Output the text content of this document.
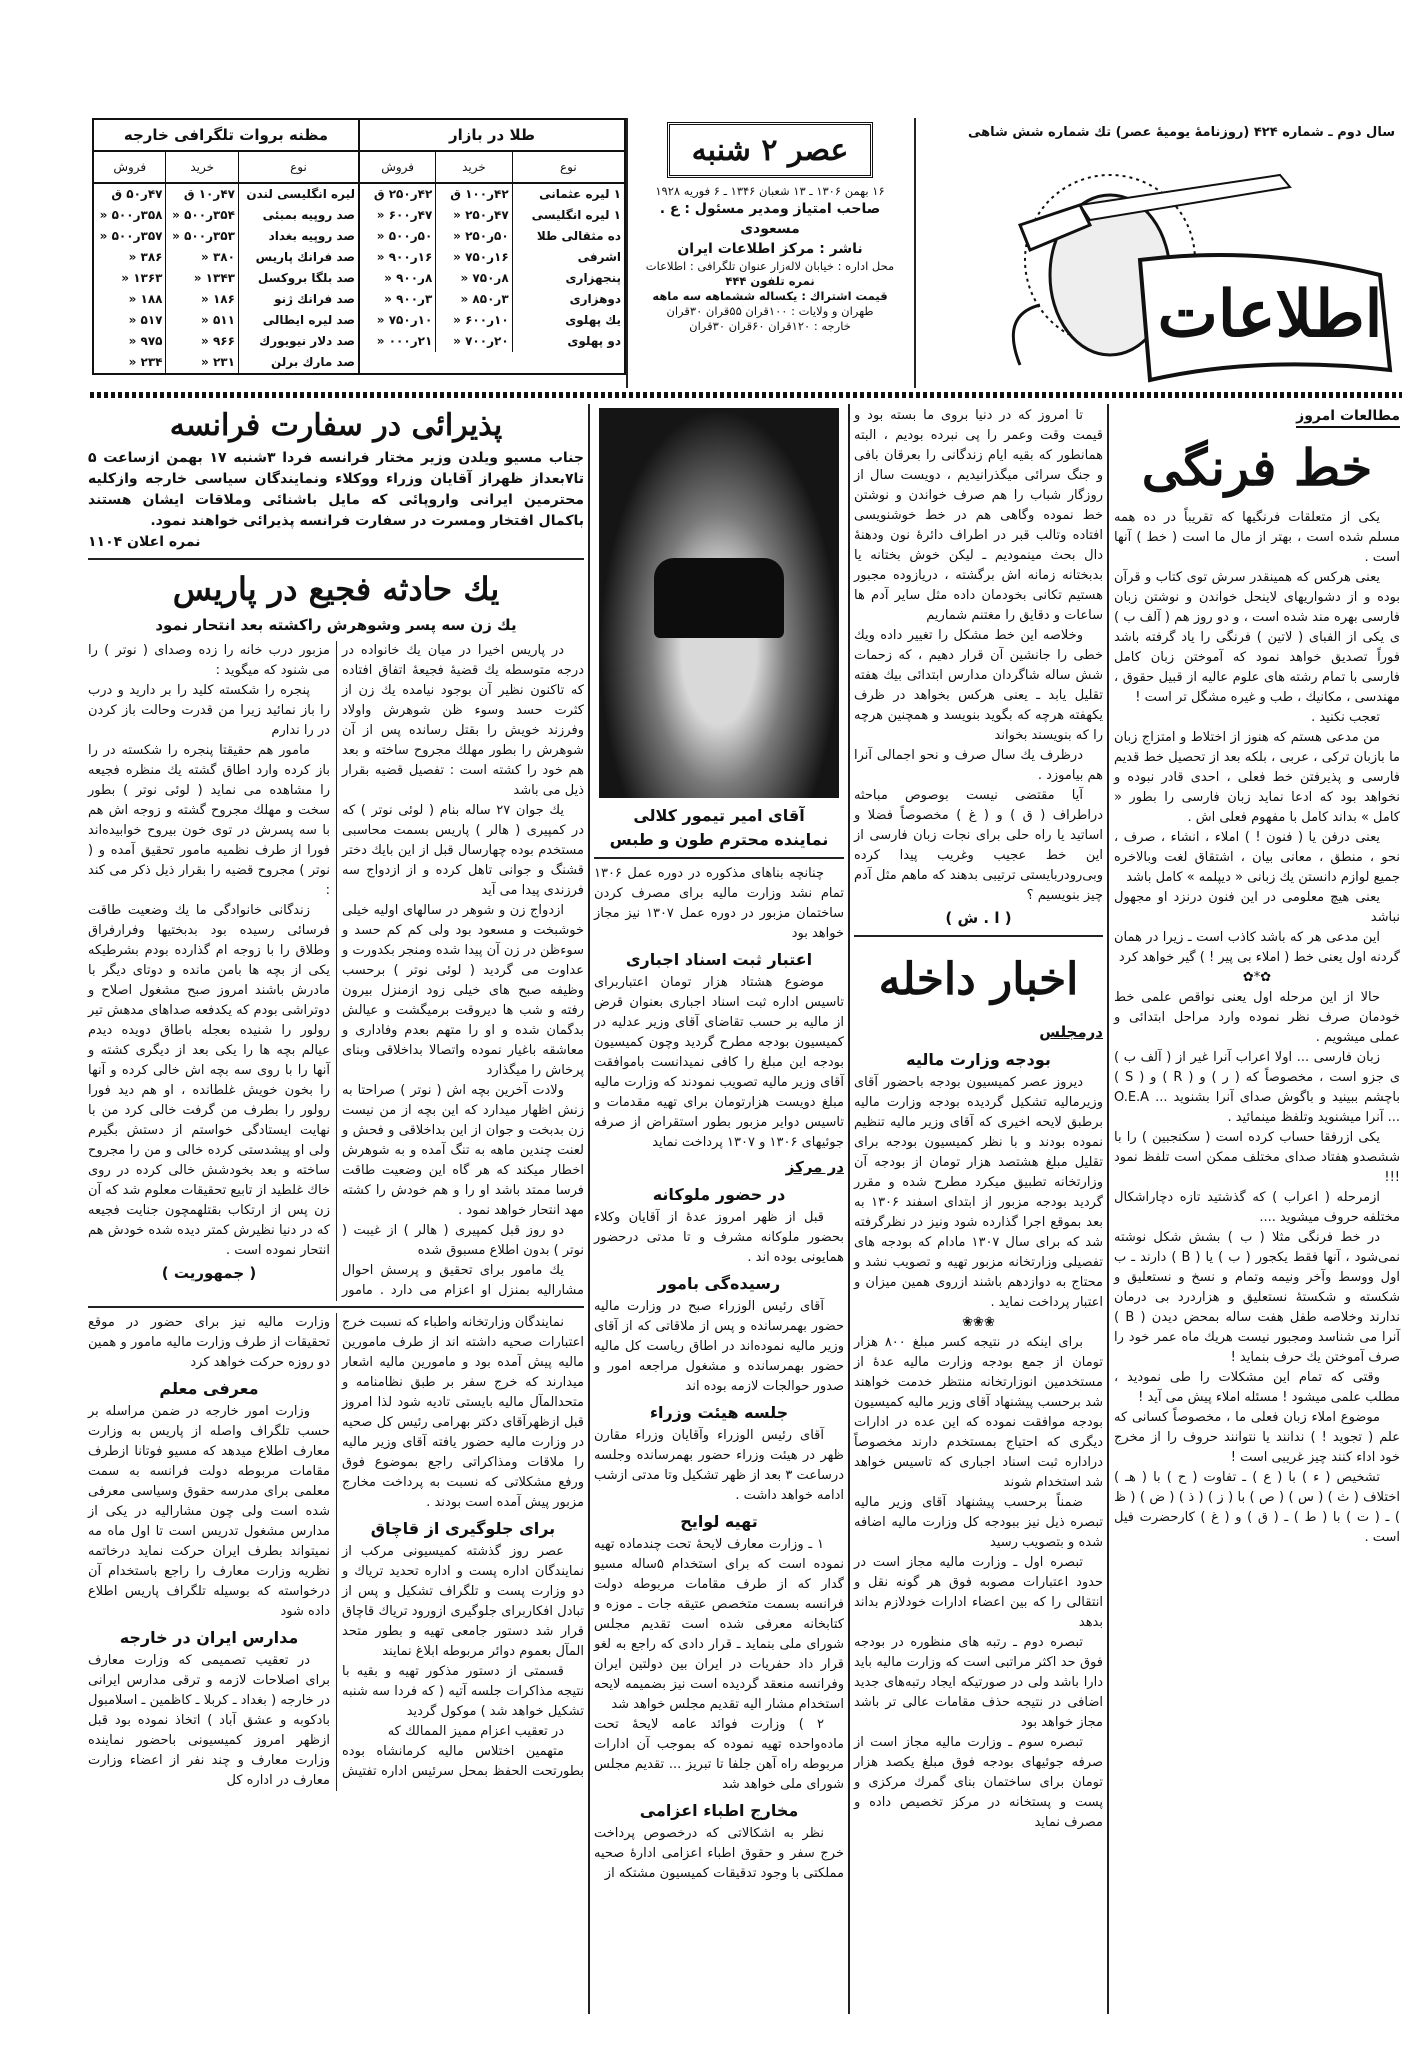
سال دوم ـ شماره ۴۲۴ (روزنامهٔ یومیهٔ عصر) تك شماره شش شاهی
اطلاعات
عصر ۲ شنبه
۱۶ بهمن ۱۳۰۶ ـ ۱۳ شعبان ۱۳۴۶ ـ ۶ فوریه ۱۹۲۸
صاحب امتیاز ومدیر مسئول : ع . مسعودی
ناشر : مرکز اطلاعات ایران
محل اداره : خیابان لاله‌زار عنوان تلگرافی : اطلاعات
نمره تلفون ۴۴۴
قیمت اشتراك : یکساله ششماهه سه ماهه
طهران و ولایات : ۱۰۰قران ۵۵قران ۳۰قران
خارجه : ۱۲۰قران ۶۰قران ۳۰قران
طلا در بازار
نوع	خرید	فروش
۱ لیره عثمانی	۴۲ر۱۰۰ ق	۴۲ر۲۵۰ ق
۱ لیره انگلیسی	۴۷ر۲۵۰ «	۴۷ر۶۰۰ «
ده مثقالی طلا	۵۰ر۲۵۰ «	۵۰ر۵۰۰ «
اشرفی	۱۶ر۷۵۰ «	۱۶ر۹۰۰ «
پنجهزاری	۸ر۷۵۰ «	۸ر۹۰۰ «
دوهزاری	۳ر۸۵۰ «	۳ر۹۰۰ «
یك پهلوی	۱۰ر۶۰۰ «	۱۰ر۷۵۰ «
دو پهلوی	۲۰ر۷۰۰ «	۲۱ر۰۰۰ «
مظنه بروات تلگرافی خارجه
نوع	خرید	فروش
لیره انگلیسی لندن	۴۷ر۱۰ ق	۴۷ر۵۰ ق
صد روپیه بمبئی	۳۵۴ر۵۰۰ «	۳۵۸ر۵۰۰ «
صد روپیه بغداد	۳۵۳ر۵۰۰ «	۳۵۷ر۵۰۰ «
صد فرانك پاریس	۳۸۰ «	۳۸۶ «
صد بلگا بروکسل	۱۳۴۳ «	۱۳۶۳ «
صد فرانك ژنو	۱۸۶ «	۱۸۸ «
صد لیره ایطالی	۵۱۱ «	۵۱۷ «
صد دلار نیویورك	۹۶۶ «	۹۷۵ «
صد مارك برلن	۲۳۱ «	۲۳۴ «
مطالعات امروز
خط فرنگی

یکی از متعلقات فرنگیها که تقریباً در ده همه مسلم شده است ، بهتر از مال ما است ( خط ) آنها است .

یعنی هرکس که همینقدر سرش توی کتاب و قرآن بوده و از دشواریهای لاینحل خواندن و نوشتن زبان فارسی بهره مند شده است ، و دو روز هم ( آلف ب ) ی یکی از الفبای ( لاتین ) فرنگی را یاد گرفته باشد فوراً تصدیق خواهد نمود که آموختن زبان کامل فارسی با تمام رشته های علوم عالیه از قبیل حقوق ، مهندسی ، مکانیك ، طب و غیره مشگل تر است !

تعجب نکنید .

من مدعی هستم که هنوز از اختلاط و امتزاج زبان ما بازبان ترکی ، عربی ، بلکه بعد از تحصیل خط قدیم فارسی و پذیرفتن خط فعلی ، احدی قادر نبوده و نخواهد بود که ادعا نماید زبان فارسی را بطور « کامل » بداند کامل با مفهوم فعلی اش .

یعنی درفن یا ( فنون ! ) املاء ، انشاء ، صرف ، نحو ، منطق ، معانی بیان ، اشتقاق لغت وبالاخره جمیع لوازم دانستن یك زبانی « دیپلمه » کامل باشد

یعنی هیچ معلومی در این فنون درنزد او مجهول نباشد

این مدعی هر که باشد کاذب است ـ زیرا در همان گردنه اول یعنی خط ( املاء بی پیر ! ) گیر خواهد کرد

✿*✿

حالا از این مرحله اول یعنی نواقص علمی خط خودمان صرف نظر نموده وارد مراحل ابتدائی و عملی میشویم .

زبان فارسی ... اولا اعراب آنرا غیر از ( آلف ب ) ی جزو است ، مخصوصاً که ( ر ) و ( R ) و ( S ) باچشم ببینید و باگوش صدای آنرا بشنوید ... O.E.A ... آنرا میشنوید وتلفظ مینمائید .

یکی ازرفقا حساب کرده است ( سکنجبین ) را با ششصدو هفتاد صدای مختلف ممکن است تلفظ نمود !!!

ازمرحله ( اعراب ) که گذشتید تازه دچاراشکال مختلفه حروف میشوید ....

در خط فرنگی مثلا ( ب ) بشش شکل نوشته نمی‌شود ، آنها فقط یکجور ( ب ) یا ( B ) دارند ـ ب اول ووسط وآخر ونیمه وتمام و نسخ و نستعلیق و شکسته و شکستهٔ نستعلیق و هزاردرد بی درمان ندارند وخلاصه طفل هفت ساله بمحض دیدن ( B ) آنرا می شناسد ومجبور نیست هریك ماه عمر خود را صرف آموختن یك حرف بنماید !

وقتی که تمام این مشکلات را طی نمودید ، مطلب علمی میشود ! مسئله املاء پیش می آید !

موضوع املاء زبان فعلی ما ، مخصوصاً کسانی که علم ( تجوید ! ) ندانند یا نتوانند حروف را از مخرج خود اداء کنند چیز غریبی است !

تشخیص ( ء ) با ( ع ) ـ تفاوت ( ح ) با ( هـ ) اختلاف ( ث ) ( س ) ( ص ) با ( ز ) ( ذ ) ( ض ) ( ظ ) ـ ( ت ) با ( ط ) ـ ( ق ) و ( غ ) کارحضرت فیل است .

تا امروز که در دنیا بروی ما بسته بود و قیمت وقت وعمر را پی نبرده بودیم ، البته همانطور که بقیه ایام زندگانی را بعرقان بافی و جنگ سرائی میگذرانیدیم ، دویست سال از روزگار شباب را هم صرف خواندن و نوشتن خط نموده وگاهی هم در خط خوشنویسی افتاده وتالب قبر در اطراف دائرهٔ نون ودهنهٔ دال بحث مینمودیم ـ لیکن خوش بختانه یا بدبختانه زمانه اش برگشته ، دریازوده مجبور هستیم تکانی بخودمان داده مثل سایر آدم ها ساعات و دقایق را مغتنم شماریم

وخلاصه این خط مشکل را تغییر داده ویك خطی را جانشین آن قرار دهیم ، که زحمات شش ساله شاگردان مدارس ابتدائی بیك هفته تقلیل یابد ـ یعنی هرکس بخواهد در ظرف یکهفته هرچه که بگوید بنویسد و همچنین هرچه را که بنویسند بخواند

درظرف یك سال صرف و نحو اجمالی آنرا هم بیاموزد .

آیا مقتضی نیست بوصوص مباحثه دراطراف ( ق ) و ( غ ) مخصوصاً فضلا و اساتید یا راه حلی برای نجات زبان فارسی از این خط عجیب وغریب پیدا کرده وبی‌رودربایستی ترتیبی بدهند که ماهم مثل آدم چیز بنویسیم ؟

( ا . ش )
اخبار داخله
درمجلس
بودجه وزارت مالیه

دیروز عصر کمیسیون بودجه باحضور آقای وزیرمالیه تشکیل گردیده بودجه وزارت مالیه برطبق لایحه اخیری که آقای وزیر مالیه تنظیم نموده بودند و با نظر کمیسیون بودجه برای تقلیل مبلغ هشتصد هزار تومان از بودجه آن وزارتخانه تطبیق میکرد مطرح شده و مقرر گردید بودجه مزبور از ابتدای اسفند ۱۳۰۶ به بعد بموقع اجرا گذارده شود ونیز در نظرگرفته شد که برای سال ۱۳۰۷ مادام که بودجه های تفصیلی وزارتخانه مزبور تهیه و تصویب نشد و محتاج به دوازدهم باشند ازروی همین میزان و اعتبار پرداخت نماید .

❀❀❀

برای اینکه در نتیجه کسر مبلغ ۸۰۰ هزار تومان از جمع بودجه وزارت مالیه عدهٔ از مستخدمین انوزارتخانه منتظر خدمت خواهند شد برحسب پیشنهاد آقای وزیر مالیه کمیسیون بودجه موافقت نموده که این عده در ادارات دیگری که احتیاج بمستخدم دارند مخصوصاً دراداره ثبت اسناد اجباری که تاسیس خواهد شد استخدام شوند

ضمناً برحسب پیشنهاد آقای وزیر مالیه تبصره ذیل نیز ببودجه کل وزارت مالیه اضافه شده و بتصویب رسید

تبصره اول ـ وزارت مالیه مجاز است در حدود اعتبارات مصوبه فوق هر گونه نقل و انتقالی را که بین اعضاء ادارات خودلازم بداند بدهد

تبصره دوم ـ رتبه های منظوره در بودجه فوق حد اکثر مراتبی است که وزارت مالیه باید دارا باشد ولی در صورتیکه ایجاد رتبه‌های جدید اضافی در نتیجه حذف مقامات عالی تر باشد مجاز خواهد بود

تبصره سوم ـ وزارت مالیه مجاز است از صرفه جوئیهای بودجه فوق مبلغ یکصد هزار تومان برای ساختمان بنای گمرك مرکزی و پست و پستخانه در مرکز تخصیص داده و مصرف نماید

آقای امیر تیمور کلالی
نماینده محترم طون و طبس

چنانچه بناهای مذکوره در دوره عمل ۱۳۰۶ تمام نشد وزارت مالیه برای مصرف کردن ساختمان مزبور در دوره عمل ۱۳۰۷ نیز مجاز خواهد بود

اعتبار ثبت اسناد اجباری

موضوع هشتاد هزار تومان اعتباربرای تاسیس اداره ثبت اسناد اجباری بعنوان قرض از مالیه بر حسب تقاضای آقای وزیر عدلیه در کمیسیون بودجه مطرح گردید وچون کمیسیون بودجه این مبلغ را کافی نمیدانست باموافقت آقای وزیر مالیه تصویب نمودند که وزارت مالیه مبلغ دویست هزارتومان برای تهیه مقدمات و تاسیس دوایر مزبور بطور استقراض از صرفه جوئیهای ۱۳۰۶ و ۱۳۰۷ پرداخت نماید

در مرکز
در حضور ملوکانه

قبل از ظهر امروز عدهٔ از آقایان وکلاء بحضور ملوکانه مشرف و تا مدتی درحضور همایونی بوده اند .

رسیده‌گی بامور

آقای رئیس الوزراء صبح در وزارت مالیه حضور بهمرسانده و پس از ملاقاتی که از آقای وزیر مالیه نموده‌اند در اطاق ریاست کل مالیه حضور بهمرسانده و مشغول مراجعه امور و صدور حوالجات لازمه بوده اند

جلسه هیئت وزراء

آقای رئیس الوزراء وآقایان وزراء مقارن ظهر در هیئت وزراء حضور بهمرسانده وجلسه درساعت ۳ بعد از ظهر تشکیل وتا مدتی ازشب ادامه خواهد داشت .

تهیه لوایح

۱ ـ وزارت معارف لایحهٔ تحت چندماده تهیه نموده است که برای استخدام ۵ساله مسیو گدار که از طرف مقامات مربوطه دولت فرانسه بسمت متخصص عتیقه جات ـ موزه و کتابخانه معرفی شده است تقدیم مجلس شورای ملی بنماید ـ قرار دادی که راجع به لغو قرار داد حفریات در ایران بین دولتین ایران وفرانسه منعقد گردیده است نیز بضمیمه لایحه استخدام مشار الیه تقدیم مجلس خواهد شد

۲ ) وزارت فوائد عامه لایحهٔ تحت ماده‌واحده تهیه نموده که بموجب آن ادارات مربوطه راه آهن جلفا تا تبریز ... تقدیم مجلس شورای ملی خواهد شد

مخارج اطباء اعزامی

نظر به اشکالاتی که درخصوص پرداخت خرج سفر و حقوق اطباء اعزامی ادارهٔ صحیه مملکتی با وجود تدقیقات کمیسیون مشتکه از

پذیرائی در سفارت فرانسه
جناب مسیو ویلدن وزیر مختار فرانسه فردا ۳شنبه ۱۷ بهمن ازساعت ۵ تا۷بعداز ظهراز آقایان وزراء ووکلاء ونمایندگان سیاسی خارجه وازکلیه محترمین ایرانی واروپائی که مایل باشنائی وملاقات ایشان هستند باکمال افتخار ومسرت در سفارت فرانسه پذیرائی خواهند نمود.
نمره اعلان ۱۱۰۴
يك حادثه فجیع در پاریس
یك زن سه پسر وشوهرش راکشته بعد انتحار نمود

در پاریس اخیرا در میان یك خانواده در درجه متوسطه یك قضیهٔ فجیعهٔ اتفاق افتاده که تاکنون نظیر آن بوجود نیامده یك زن از کثرت حسد وسوء ظن شوهرش واولاد وفرزند خویش را بقتل رسانده پس از آن شوهرش را بطور مهلك مجروح ساخته و بعد هم خود را کشته است : تفصیل قضیه بقرار ذیل می باشد

یك جوان ۲۷ ساله بنام ( لوئی نوتر ) که در کمپیری ( هالر ) پاریس بسمت محاسبی مستخدم بوده چهارسال قبل از این بایك دختر قشنگ و جوانی تاهل کرده و از ازدواج سه فرزندی پیدا می آید

ازدواج زن و شوهر در سالهای اولیه خیلی خوشبخت و مسعود بود ولی کم کم حسد و سوءظن در زن آن پیدا شده ومنجر بکدورت و عداوت می گردید ( لوئی نوتر ) برحسب وظیفه صبح های خیلی زود ازمنزل بیرون رفته و شب ها دیروقت برمیگشت و عیالش بدگمان شده و او را متهم بعدم وفاداری و معاشقه باغیار نموده واتصالا بداخلاقی وبنای پرخاش را میگذارد

ولادت آخرین بچه اش ( نوتر ) صراحتا به زنش اظهار میدارد که این بچه از من نیست زن بدبخت و جوان از این بداخلاقی و فحش و لعنت چندین ماهه به تنگ آمده و به شوهرش اخطار میکند که هر گاه این وضعیت طاقت فرسا ممتد باشد او را و هم خودش را کشته مهد انتحار خواهد نمود .

دو روز قبل کمپیری ( هالر ) از غیبت ( نوتر ) بدون اطلاع مسبوق شده

یك مامور برای تحقیق و پرسش احوال مشارالیه بمنزل او اعزام می دارد . مامور مزبور درب خانه را زده وصدای ( نوتر ) را می شنود که میگوید :

پنجره را شکسته کلید را بر دارید و درب را باز نمائید زیرا من قدرت وحالت باز کردن در را ندارم

مامور هم حقیقتا پنجره را شکسته در را باز کرده وارد اطاق گشته یك منظره فجیعه را مشاهده می نماید ( لوئی نوتر ) بطور سخت و مهلك مجروح گشته و زوجه اش هم با سه پسرش در توی خون بیروح خوابیده‌اند فورا از طرف نظمیه مامور تحقیق آمده و ( نوتر ) مجروح قضیه را بقرار ذیل ذکر می کند :

زندگانی خانوادگی ما یك وضعیت طاقت فرسائی رسیده بود بدبختیها وفرارفراق وطلاق را با زوجه ام گذارده بودم بشرطیکه یکی از بچه ها بامن مانده و دوتای دیگر با مادرش باشند امروز صبح مشغول اصلاح و دوتراشی بودم که یکدفعه صداهای مدهش تیر رولور را شنیده بعجله باطاق دویده دیدم عیالم بچه ها را یکی بعد از دیگری کشته و آنها را با روی سه بچه اش خالی کرده و آنها را بخون خویش غلطانده ، او هم دید فورا رولور را بطرف من گرفت خالی کرد من با نهایت ایستادگی خواستم از دستش بگیرم ولی او پیشدستی کرده خالی و من را مجروح ساخته و بعد بخودشش خالی کرده در روی خاك غلطید از تابیع تحقیقات معلوم شد که آن زن پس از ارتکاب بقتلهمچون جنایت فجیعه که در دنیا نظیرش کمتر دیده شده خودش هم انتحار نموده است .

( جمهوریت )

نمایندگان وزارتخانه واطباء که نسبت خرج اعتبارات صحیه داشته اند از طرف مامورین مالیه پیش آمده بود و مامورین مالیه اشعار میدارند که خرج سفر بر طبق نظامنامه و متحدالمآل مالیه بایستی تادیه شود لذا امروز قبل ازظهرآقای دکتر بهرامی رئیس کل صحیه در وزارت مالیه حضور یافته آقای وزیر مالیه را ملاقات ومذاکراتی راجع بموضوع فوق ورفع مشکلاتی که نسبت به پرداخت مخارج مزبور پیش آمده است بودند .

برای جلوگیری از قاچاق

عصر روز گذشته کمیسیونی مرکب از نمایندگان اداره پست و اداره تحدید تریاك و دو وزارت پست و تلگراف تشکیل و پس از تبادل افکاربرای جلوگیری ازورود تریاك قاچاق قرار شد دستور جامعی تهیه و بطور متحد المآل بعموم دوائر مربوطه ابلاغ نمایند

قسمتی از دستور مذکور تهیه و بقیه با نتیجه مذاکرات جلسه آتیه ( که فردا سه شنبه تشکیل خواهد شد ) موکول گردید

در تعقیب اعزام ممیز الممالك که

متهمین اختلاس مالیه کرمانشاه بوده بطورتحت الحفظ بمحل سرئیس اداره تفتیش وزارت مالیه نیز برای حضور در موقع تحقیقات از طرف وزارت مالیه مامور و همین دو روزه حرکت خواهد کرد

معرفی معلم

وزارت امور خارجه در ضمن مراسله بر حسب تلگراف واصله از پاریس به وزارت معارف اطلاع میدهد که مسیو فوتانا ازطرف مقامات مربوطه دولت فرانسه به سمت معلمی برای مدرسه حقوق وسیاسی معرفی شده است ولی چون مشارالیه در یکی از مدارس مشغول تدریس است تا اول ماه مه نمیتواند بطرف ایران حرکت نماید درخاتمه نظریه وزارت معارف را راجع باستخدام آن درخواسته که بوسیله تلگراف پاریس اطلاع داده شود

مدارس ایران در خارجه

در تعقیب تصمیمی که وزارت معارف برای اصلاحات لازمه و ترقی مدارس ایرانی در خارجه ( بغداد ـ کربلا ـ کاظمین ـ اسلامبول بادکوبه و عشق آباد ) اتخاذ نموده بود قبل ازظهر امروز کمیسیونی باحضور نماینده وزارت معارف و چند نفر از اعضاء وزارت معارف در اداره کل
